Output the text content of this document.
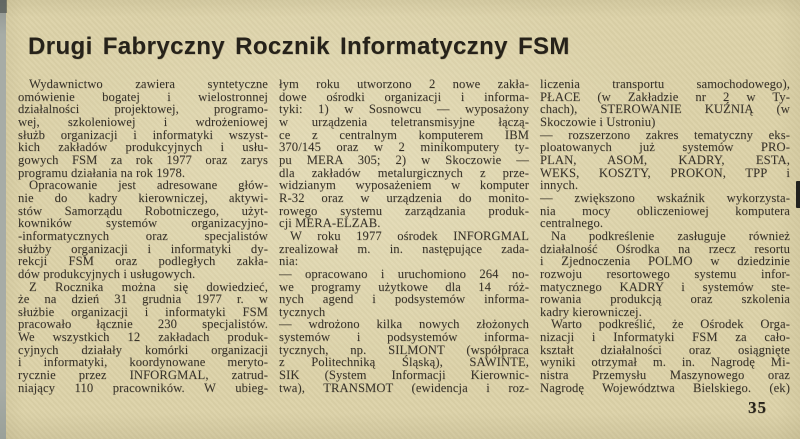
Drugi Fabryczny Rocznik Informatyczny FSM
Wydawnictwo zawiera syntetyczne
omówienie bogatej i wielostronnej
działalności projektowej, programo-
wej, szkoleniowej i wdrożeniowej
służb organizacji i informatyki wszyst-
kich zakładów produkcyjnych i usłu-
gowych FSM za rok 1977 oraz zarys
programu działania na rok 1978.
Opracowanie jest adresowane głów-
nie do kadry kierowniczej, aktywi-
stów Samorządu Robotniczego, użyt-
kowników systemów organizacyjno-
-informatycznych oraz specjalistów
służby organizacji i informatyki dy-
rekcji FSM oraz podległych zakła-
dów produkcyjnych i usługowych.
Z Rocznika można się dowiedzieć,
że na dzień 31 grudnia 1977 r. w
służbie organizacji i informatyki FSM
pracowało łącznie 230 specjalistów.
We wszystkich 12 zakładach produk-
cyjnych działały komórki organizacji
i informatyki, koordynowane meryto-
rycznie przez INFORGMAL, zatrud-
niający 110 pracowników. W ubieg-
łym roku utworzono 2 nowe zakła-
dowe ośrodki organizacji i informa-
tyki: 1) w Sosnowcu — wyposażony
w urządzenia teletransmisyjne łączą-
ce z centralnym komputerem IBM
370/145 oraz w 2 minikomputery ty-
pu MERA 305; 2) w Skoczowie —
dla zakładów metalurgicznych z prze-
widzianym wyposażeniem w komputer
R-32 oraz w urządzenia do monito-
rowego systemu zarządzania produk-
cji MERA-ELZAB.
W roku 1977 ośrodek INFORGMAL
zrealizował m. in. następujące zada-
nia:
— opracowano i uruchomiono 264 no-
we programy użytkowe dla 14 róż-
nych agend i podsystemów informa-
tycznych
— wdrożono kilka nowych złożonych
systemów i podsystemów informa-
tycznych, np. SILMONT (współpraca
z Politechniką Śląską), SAWINTE,
SIK (System Informacji Kierownic-
twa), TRANSMOT (ewidencja i roz-
liczenia transportu samochodowego),
PŁACE (w Zakładzie nr 2 w Ty-
chach), STEROWANIE KUŹNIĄ (w
Skoczowie i Ustroniu)
— rozszerzono zakres tematyczny eks-
ploatowanych już systemów PRO-
PLAN, ASOM, KADRY, ESTA,
WEKS, KOSZTY, PROKON, TPP i
innych.
— zwiększono wskaźnik wykorzysta-
nia mocy obliczeniowej komputera
centralnego.
Na podkreślenie zasługuje również
działalność Ośrodka na rzecz resortu
i Zjednoczenia POLMO w dziedzinie
rozwoju resortowego systemu infor-
matycznego KADRY i systemów ste-
rowania produkcją oraz szkolenia
kadry kierowniczej.
Warto podkreślić, że Ośrodek Orga-
nizacji i Informatyki FSM za cało-
kształt działalności oraz osiągnięte
wyniki otrzymał m. in. Nagrodę Mi-
nistra Przemysłu Maszynowego oraz
Nagrodę Województwa Bielskiego. (ek)
35
